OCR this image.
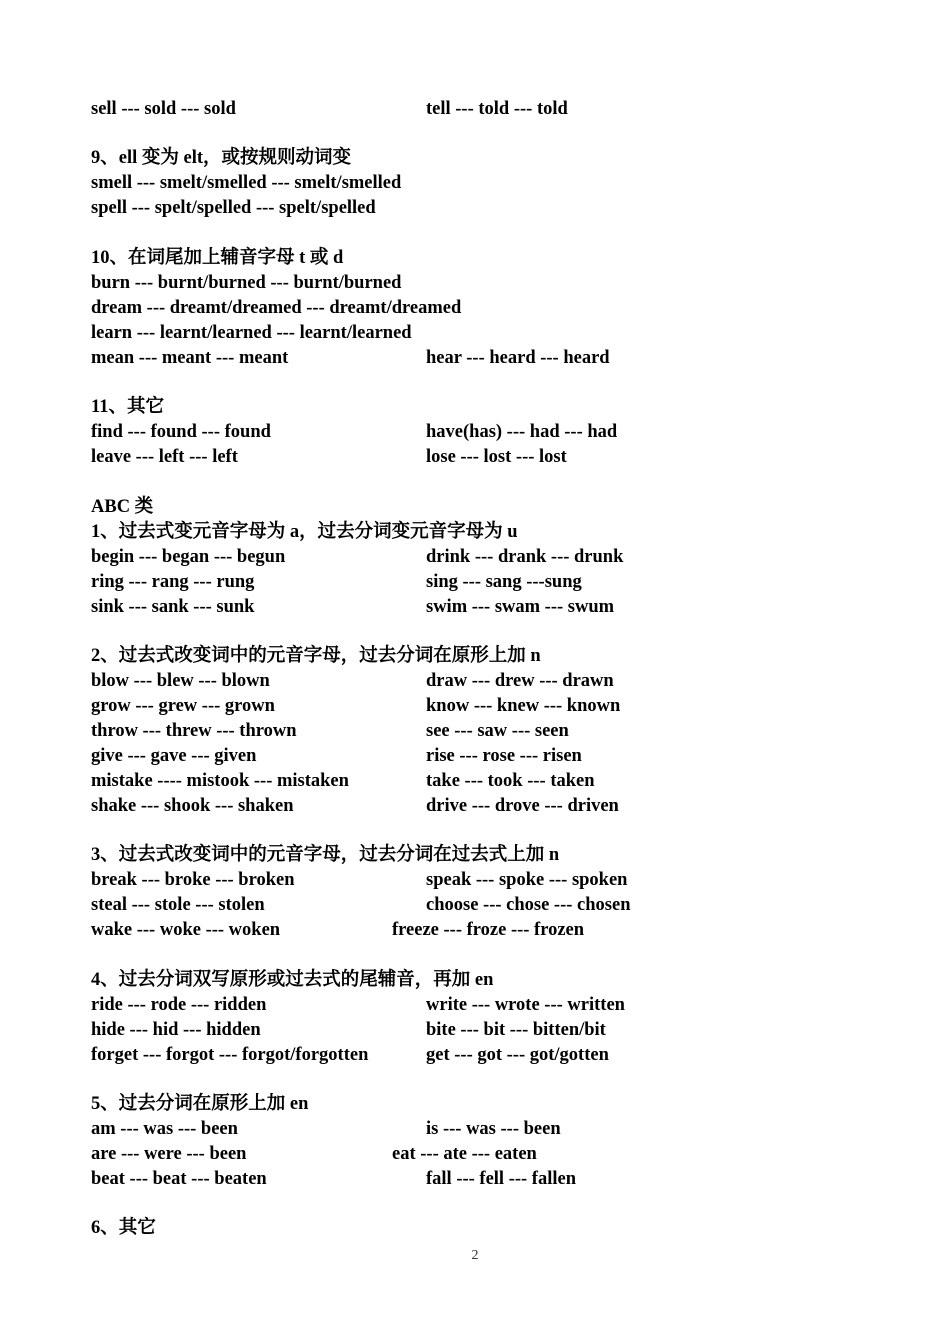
sell --- sold --- sold	tell --- told --- told
9、ell 变为 elt，或按规则动词变
smell --- smelt/smelled --- smelt/smelled
spell --- spelt/spelled --- spelt/spelled
10、在词尾加上辅音字母 t 或 d
burn --- burnt/burned --- burnt/burned
dream --- dreamt/dreamed --- dreamt/dreamed
learn --- learnt/learned --- learnt/learned
mean --- meant --- meant	hear --- heard --- heard
11、其它
find --- found --- found	have(has) --- had --- had
leave --- left --- left	lose --- lost --- lost
ABC 类
1、过去式变元音字母为 a，过去分词变元音字母为 u
begin --- began --- begun	drink --- drank --- drunk
ring --- rang --- rung	sing --- sang ---sung
sink --- sank --- sunk	swim --- swam --- swum
2、过去式改变词中的元音字母，过去分词在原形上加 n
blow --- blew --- blown	draw --- drew --- drawn
grow --- grew --- grown	know --- knew --- known
throw --- threw --- thrown	see --- saw --- seen
give --- gave --- given	rise --- rose --- risen
mistake ---- mistook --- mistaken	take --- took --- taken
shake --- shook --- shaken	drive --- drove --- driven
3、过去式改变词中的元音字母，过去分词在过去式上加 n
break --- broke --- broken	speak --- spoke --- spoken
steal --- stole --- stolen	choose --- chose --- chosen
wake --- woke --- woken	freeze --- froze --- frozen
4、过去分词双写原形或过去式的尾辅音，再加 en
ride --- rode --- ridden	write --- wrote --- written
hide --- hid --- hidden	bite --- bit --- bitten/bit
forget --- forgot --- forgot/forgotten	get --- got --- got/gotten
5、过去分词在原形上加 en
am --- was --- been	is --- was --- been
are --- were --- been	eat --- ate --- eaten
beat --- beat --- beaten	fall --- fell --- fallen
6、其它
2
